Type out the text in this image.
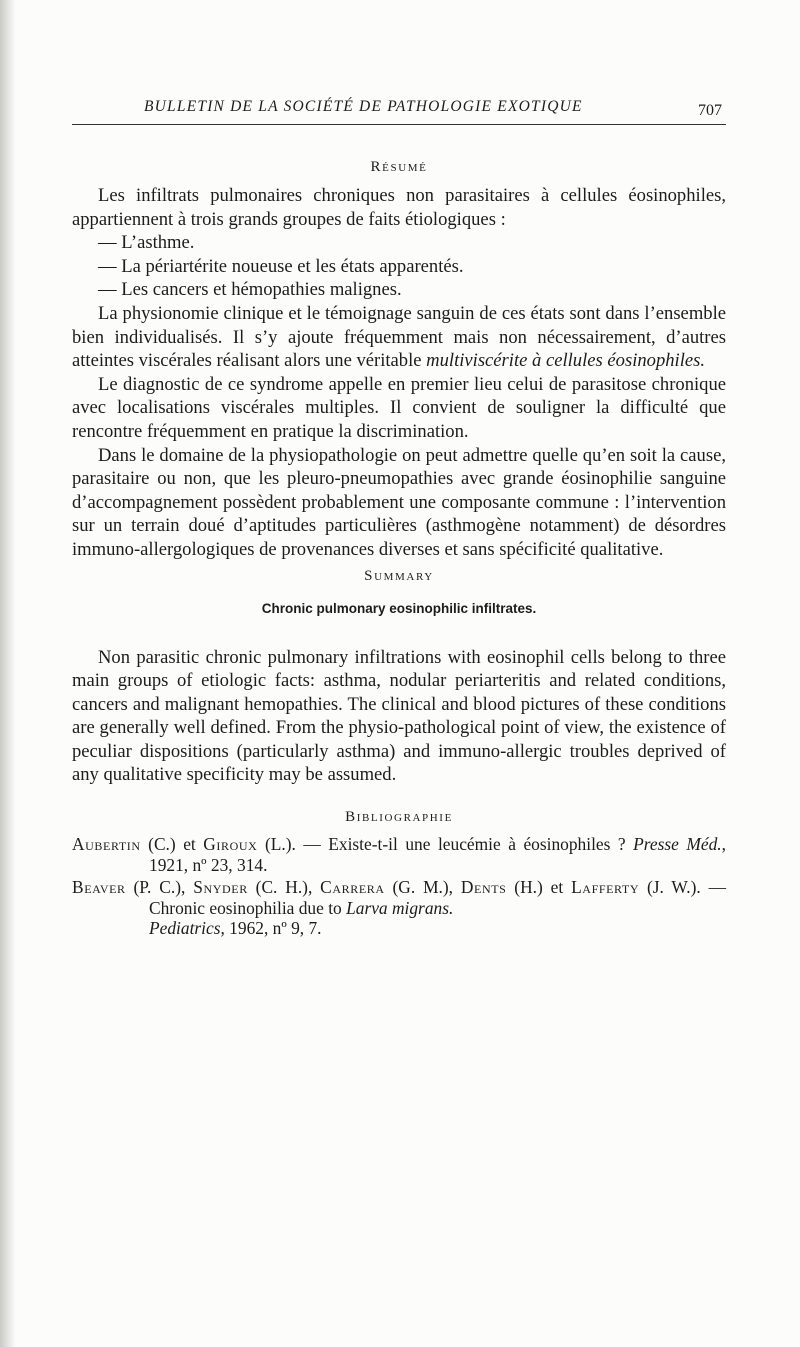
BULLETIN DE LA SOCIÉTÉ DE PATHOLOGIE EXOTIQUE	707
Résumé

Les infiltrats pulmonaires chroniques non parasitaires à cellules éosinophiles, appartiennent à trois grands groupes de faits étiologiques :

— L’asthme.

— La périartérite noueuse et les états apparentés.

— Les cancers et hémopathies malignes.

La physionomie clinique et le témoignage sanguin de ces états sont dans l’ensemble bien individualisés. Il s’y ajoute fréquemment mais non nécessairement, d’autres atteintes viscérales réalisant alors une véritable multiviscérite à cellules éosinophiles.

Le diagnostic de ce syndrome appelle en premier lieu celui de parasitose chronique avec localisations viscérales multiples. Il convient de souligner la difficulté que rencontre fréquemment en pratique la discrimination.

Dans le domaine de la physiopathologie on peut admettre quelle qu’en soit la cause, parasitaire ou non, que les pleuro-pneumopathies avec grande éosinophilie sanguine d’accompagnement possèdent probablement une composante commune : l’intervention sur un terrain doué d’aptitudes particulières (asthmogène notamment) de désordres immuno-allergologiques de provenances diverses et sans spécificité qualitative.

Summary
Chronic pulmonary eosinophilic infiltrates.

Non parasitic chronic pulmonary infiltrations with eosinophil cells belong to three main groups of etiologic facts: asthma, nodular periarteritis and related conditions, cancers and malignant hemopathies. The clinical and blood pictures of these conditions are generally well defined. From the physio-pathological point of view, the existence of peculiar dispositions (particularly asthma) and immuno-allergic troubles deprived of any qualitative specificity may be assumed.

Bibliographie

Aubertin (C.) et Giroux (L.). — Existe-t-il une leucémie à éosinophiles ? Presse Méd., 1921, nº 23, 314.

Beaver (P. C.), Snyder (C. H.), Carrera (G. M.), Dents (H.) et Lafferty (J. W.). — Chronic eosinophilia due to Larva migrans.
Pediatrics, 1962, nº 9, 7.
